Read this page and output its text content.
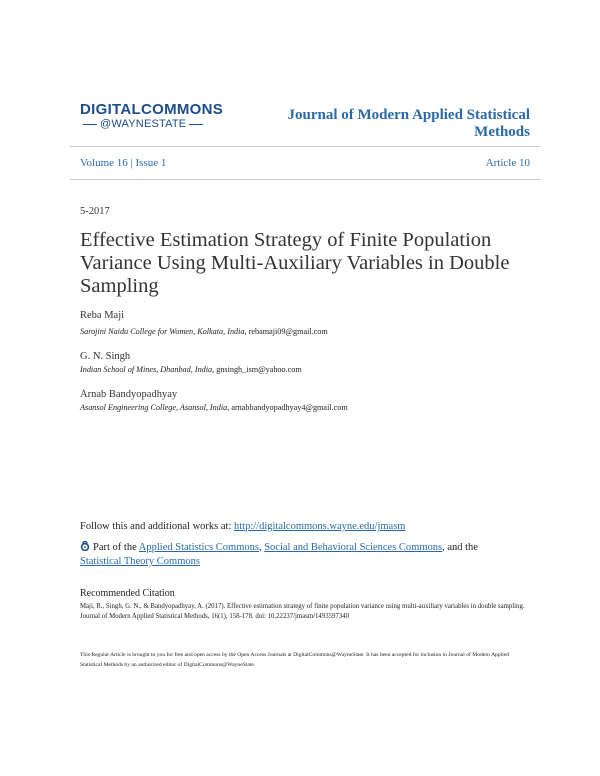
DIGITALCOMMONS
@WAYNESTATE
Journal of Modern Applied Statistical
Methods
Volume 16 | Issue 1	Article 10
5-2017
Effective Estimation Strategy of Finite Population Variance Using Multi-Auxiliary Variables in Double Sampling
Reba Maji
Sarojini Naidu College for Women, Kolkata, India, rebamaji09@gmail.com
G. N. Singh
Indian School of Mines, Dhanbad, India, gnsingh_ism@yahoo.com
Arnab Bandyopadhyay
Asansol Engineering College, Asansol, India, arnabbandyopadhyay4@gmail.com
Follow this and additional works at: http://digitalcommons.wayne.edu/jmasm
Part of the Applied Statistics Commons, Social and Behavioral Sciences Commons, and the
Statistical Theory Commons
Recommended Citation
Maji, R., Singh, G. N., & Bandyopadhyay, A. (2017). Effective estimation strategy of finite population variance using multi-auxiliary variables in double sampling. Journal of Modern Applied Statistical Methods, 16(1), 158-178. doi: 10.22237/jmasm/1493597340
This Regular Article is brought to you for free and open access by the Open Access Journals at DigitalCommons@WayneState. It has been accepted for inclusion in Journal of Modern Applied Statistical Methods by an authorized editor of DigitalCommons@WayneState.
